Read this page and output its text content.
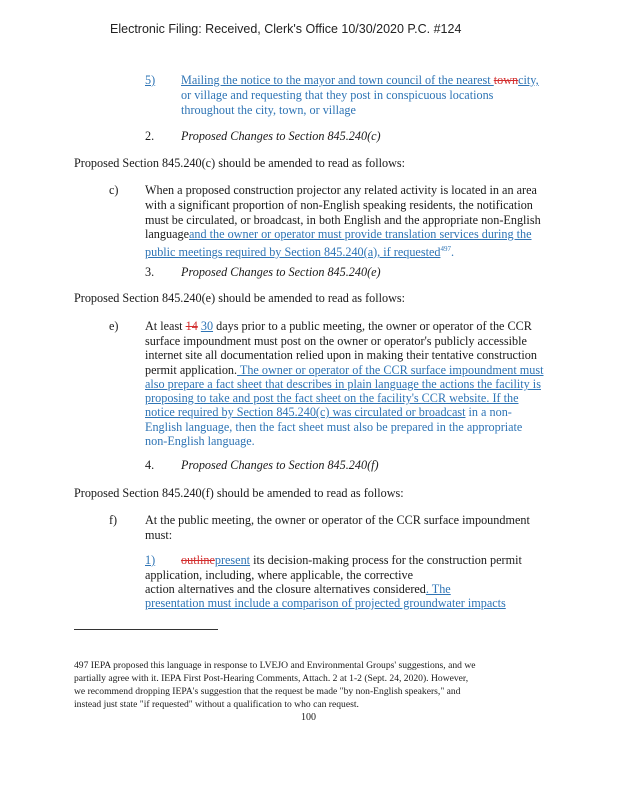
Electronic Filing: Received, Clerk's Office 10/30/2020 P.C. #124
5) Mailing the notice to the mayor and town council of the nearest towncity,
or village and requesting that they post in conspicuous locations
throughout the city, town, or village
2. Proposed Changes to Section 845.240(c)
Proposed Section 845.240(c) should be amended to read as follows:
c) When a proposed construction projector any related activity is located in an area
with a significant proportion of non-English speaking residents, the notification
must be circulated, or broadcast, in both English and the appropriate non-English
languageand the owner or operator must provide translation services during the
public meetings required by Section 845.240(a), if requested$^{497}$.
3. Proposed Changes to Section 845.240(e)
Proposed Section 845.240(e) should be amended to read as follows:
e) At least 14 30 days prior to a public meeting, the owner or operator of the CCR
surface impoundment must post on the owner or operator's publicly accessible
internet site all documentation relied upon in making their tentative construction
permit application. The owner or operator of the CCR surface impoundment must
also prepare a fact sheet that describes in plain language the actions the facility is
proposing to take and post the fact sheet on the facility's CCR website. If the
notice required by Section 845.240(c) was circulated or broadcast in a non-
English language, then the fact sheet must also be prepared in the appropriate
non-English language.
4. Proposed Changes to Section 845.240(f)
Proposed Section 845.240(f) should be amended to read as follows:
f) At the public meeting, the owner or operator of the CCR surface impoundment
must:
1) outlinepresent its decision-making process for the construction permit
application, including, where applicable, the corrective
action alternatives and the closure alternatives considered. The
presentation must include a comparison of projected groundwater impacts
497 IEPA proposed this language in response to LVEJO and Environmental Groups' suggestions, and we
partially agree with it. IEPA First Post-Hearing Comments, Attach. 2 at 1-2 (Sept. 24, 2020). However,
we recommend dropping IEPA's suggestion that the request be made "by non-English speakers," and
instead just state "if requested" without a qualification to who can request.
100
